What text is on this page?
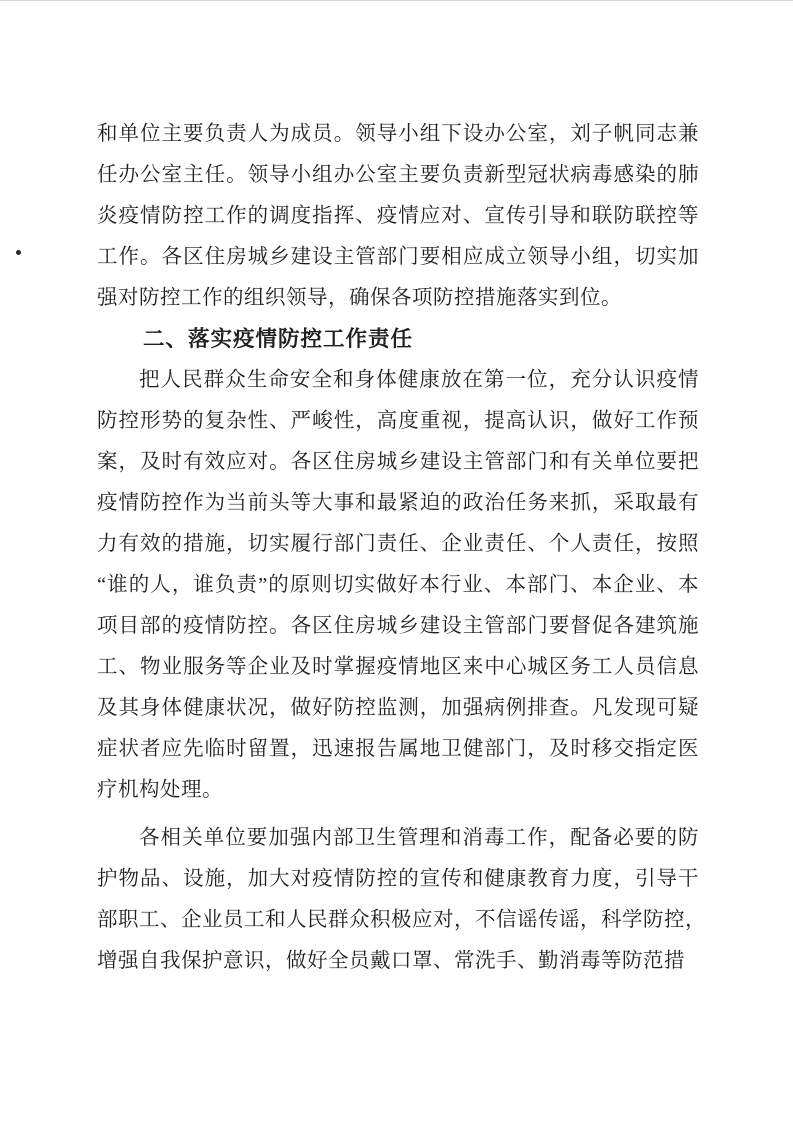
和单位主要负责人为成员。领导小组下设办公室，刘子帆同志兼
任办公室主任。领导小组办公室主要负责新型冠状病毒感染的肺
炎疫情防控工作的调度指挥、疫情应对、宣传引导和联防联控等
工作。各区住房城乡建设主管部门要相应成立领导小组，切实加
强对防控工作的组织领导，确保各项防控措施落实到位。
二、落实疫情防控工作责任
把人民群众生命安全和身体健康放在第一位，充分认识疫情
防控形势的复杂性、严峻性，高度重视，提高认识，做好工作预
案，及时有效应对。各区住房城乡建设主管部门和有关单位要把
疫情防控作为当前头等大事和最紧迫的政治任务来抓，采取最有
力有效的措施，切实履行部门责任、企业责任、个人责任，按照
“谁的人，谁负责”的原则切实做好本行业、本部门、本企业、本
项目部的疫情防控。各区住房城乡建设主管部门要督促各建筑施
工、物业服务等企业及时掌握疫情地区来中心城区务工人员信息
及其身体健康状况，做好防控监测，加强病例排查。凡发现可疑
症状者应先临时留置，迅速报告属地卫健部门，及时移交指定医
疗机构处理。
各相关单位要加强内部卫生管理和消毒工作，配备必要的防
护物品、设施，加大对疫情防控的宣传和健康教育力度，引导干
部职工、企业员工和人民群众积极应对，不信谣传谣，科学防控，
增强自我保护意识，做好全员戴口罩、常洗手、勤消毒等防范措
